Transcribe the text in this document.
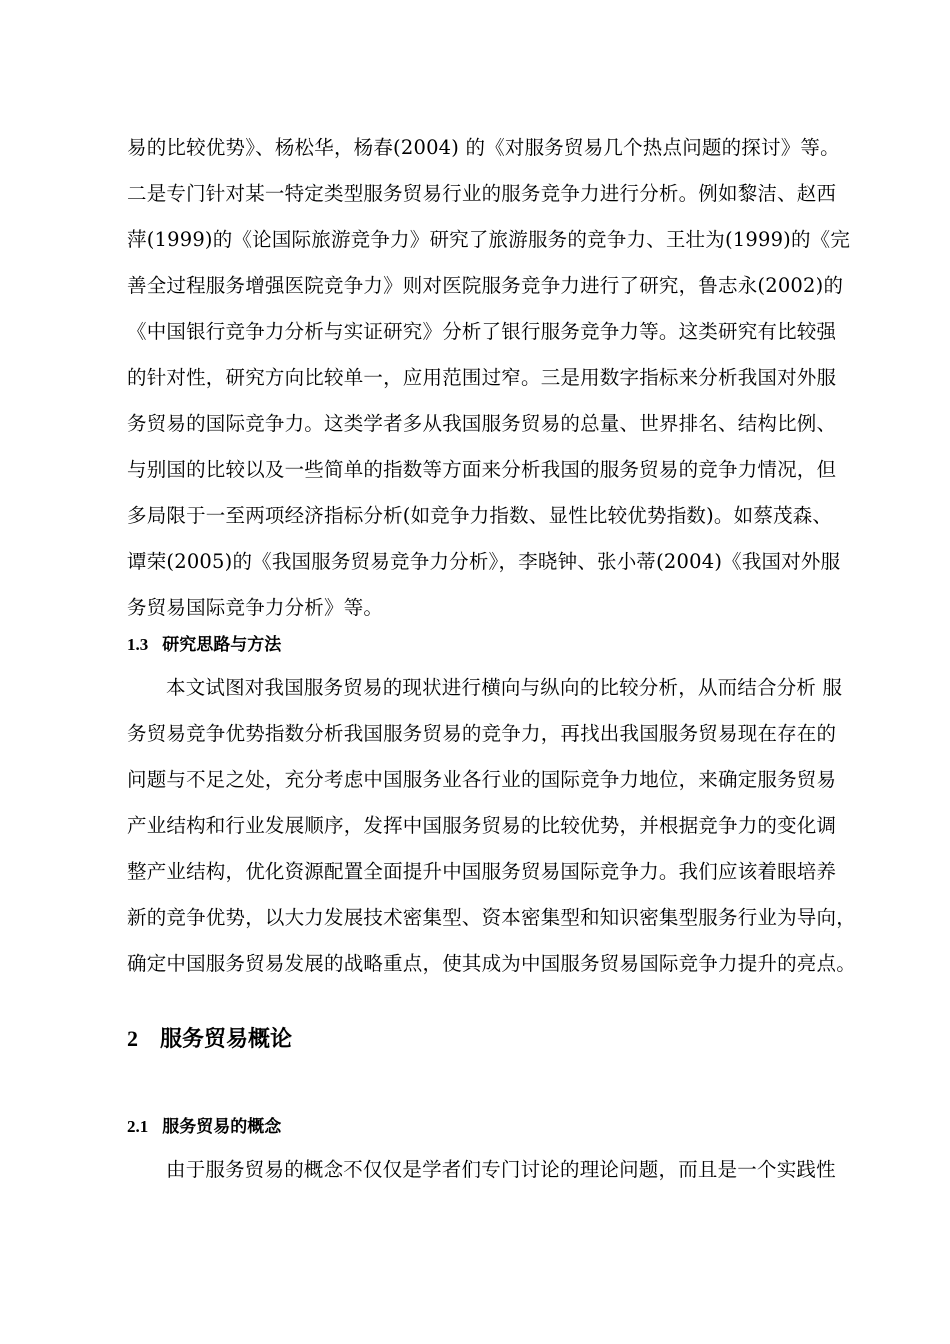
易的比较优势》、杨松华，杨春(2004) 的《对服务贸易几个热点问题的探讨》等。
二是专门针对某一特定类型服务贸易行业的服务竞争力进行分析。例如黎洁、赵西
萍(1999)的《论国际旅游竞争力》研究了旅游服务的竞争力、王壮为(1999)的《完
善全过程服务增强医院竞争力》则对医院服务竞争力进行了研究，鲁志永(2002)的
《中国银行竞争力分析与实证研究》分析了银行服务竞争力等。这类研究有比较强
的针对性，研究方向比较单一，应用范围过窄。三是用数字指标来分析我国对外服
务贸易的国际竞争力。这类学者多从我国服务贸易的总量、世界排名、结构比例、
与别国的比较以及一些简单的指数等方面来分析我国的服务贸易的竞争力情况，但
多局限于一至两项经济指标分析(如竞争力指数、显性比较优势指数)。如蔡茂森、
谭荣(2005)的《我国服务贸易竞争力分析》，李晓钟、张小蒂(2004)《我国对外服
务贸易国际竞争力分析》等。
1.3 研究思路与方法
本文试图对我国服务贸易的现状进行横向与纵向的比较分析，从而结合分析 服
务贸易竞争优势指数分析我国服务贸易的竞争力，再找出我国服务贸易现在存在的
问题与不足之处，充分考虑中国服务业各行业的国际竞争力地位，来确定服务贸易
产业结构和行业发展顺序，发挥中国服务贸易的比较优势，并根据竞争力的变化调
整产业结构，优化资源配置全面提升中国服务贸易国际竞争力。我们应该着眼培养
新的竞争优势，以大力发展技术密集型、资本密集型和知识密集型服务行业为导向，
确定中国服务贸易发展的战略重点，使其成为中国服务贸易国际竞争力提升的亮点。
2 服务贸易概论
2.1 服务贸易的概念
由于服务贸易的概念不仅仅是学者们专门讨论的理论问题，而且是一个实践性
